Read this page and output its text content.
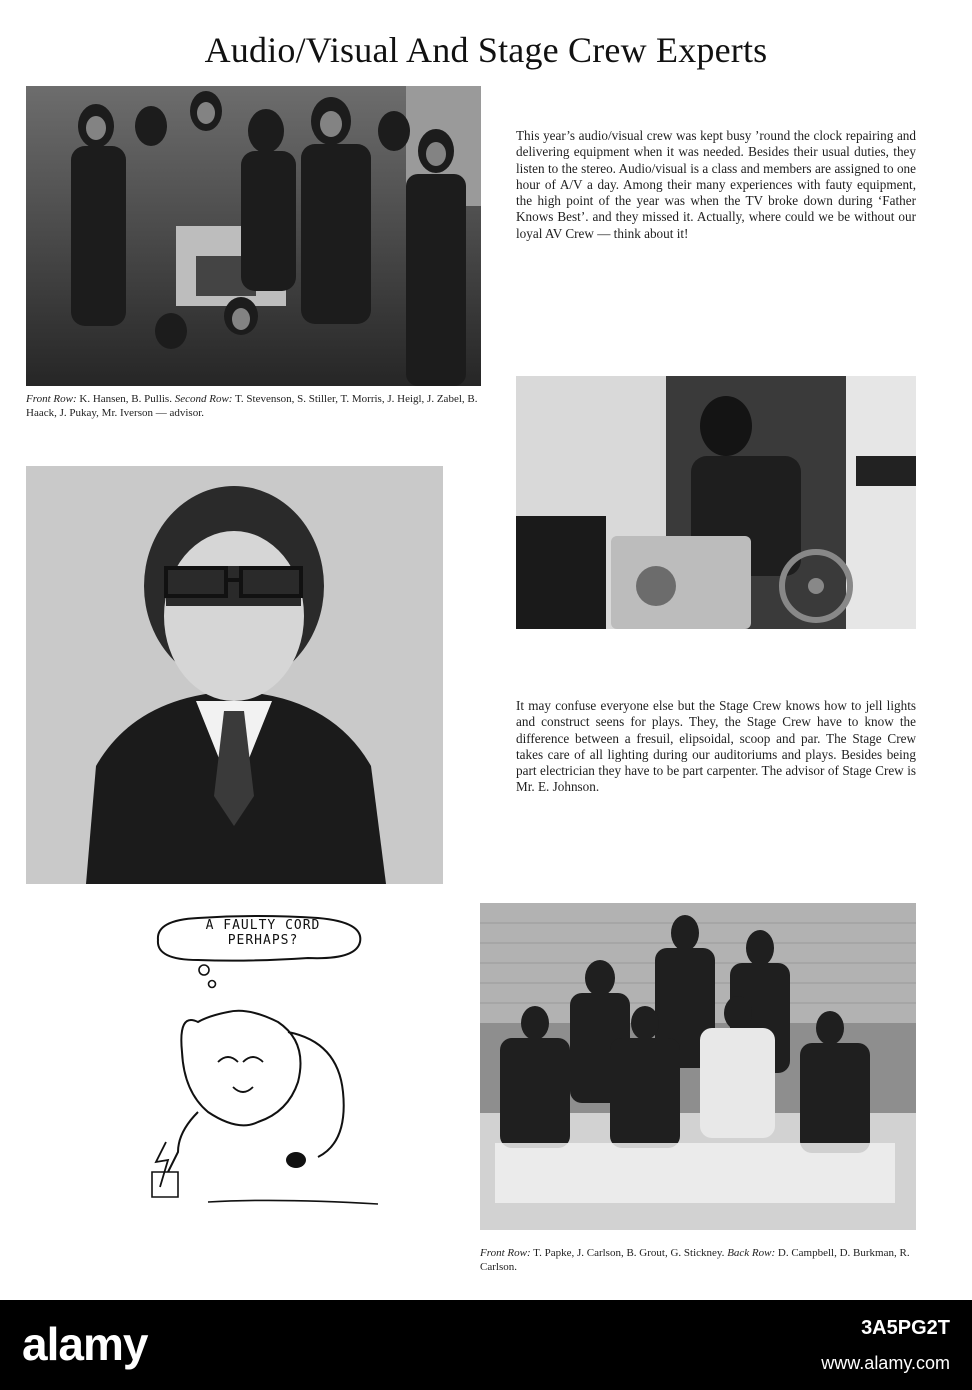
Audio/Visual And Stage Crew Experts
Front Row: K. Hansen, B. Pullis. Second Row: T. Stevenson, S. Stiller, T. Morris, J. Heigl, J. Zabel, B. Haack, J. Pukay, Mr. Iverson — advisor.

This year’s audio/visual crew was kept busy ’round the clock repairing and delivering equipment when it was needed. Besides their usual duties, they listen to the stereo. Audio/visual is a class and members are assigned to one hour of A/V a day. Among their many experiences with fauty equipment, the high point of the year was when the TV broke down during ‘Father Knows Best’. and they missed it. Actually, where could we be without our loyal AV Crew — think about it!

It may confuse everyone else but the Stage Crew knows how to jell lights and construct seens for plays. They, the Stage Crew have to know the difference between a fresuil, elipsoidal, scoop and par. The Stage Crew takes care of all lighting during our auditoriums and plays. Besides being part electrician they have to be part carpenter. The advisor of Stage Crew is Mr. E. Johnson.

A FAULTY CORD
PERHAPS?
Front Row: T. Papke, J. Carlson, B. Grout, G. Stickney. Back Row: D. Campbell, D. Burkman, R. Carlson.
alamy	3A5PG2T
www.alamy.com
